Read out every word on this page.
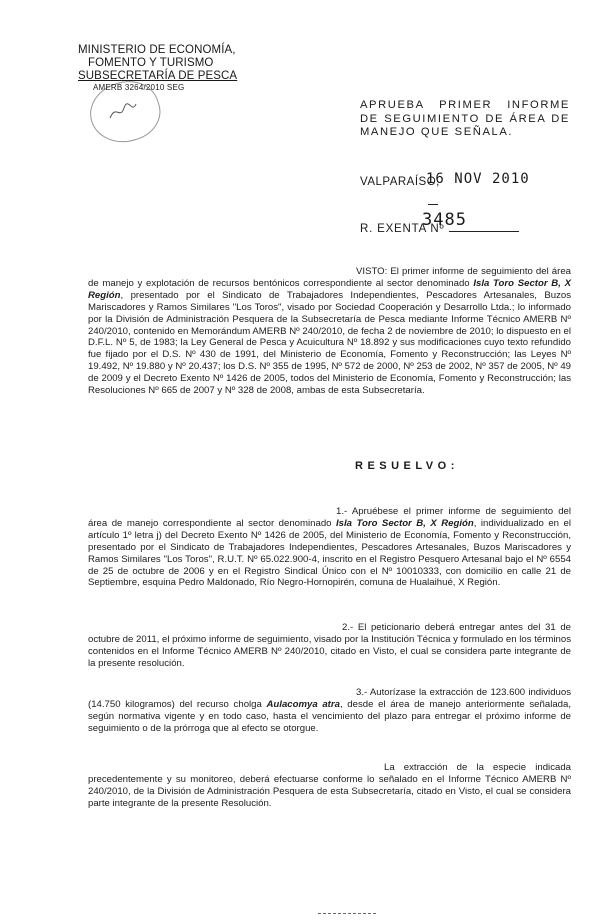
MINISTERIO DE ECONOMÍA,
FOMENTO Y TURISMO
SUBSECRETARÍA DE PESCA
AMERB 3264/2010 SEG
APRUEBA PRIMER INFORME DE SEGUIMIENTO DE ÁREA DE MANEJO QUE SEÑALA.
VALPARAÍSO,
16 NOV 2010
R. EXENTA Nº
3485
VISTO: El primer informe de seguimiento del área de manejo y explotación de recursos bentónicos correspondiente al sector denominado Isla Toro Sector B, X Región, presentado por el Sindicato de Trabajadores Independientes, Pescadores Artesanales, Buzos Mariscadores y Ramos Similares "Los Toros", visado por Sociedad Cooperación y Desarrollo Ltda.; lo informado por la División de Administración Pesquera de la Subsecretaría de Pesca mediante Informe Técnico AMERB Nº 240/2010, contenido en Memorándum AMERB Nº 240/2010, de fecha 2 de noviembre de 2010; lo dispuesto en el D.F.L. Nº 5, de 1983; la Ley General de Pesca y Acuicultura Nº 18.892 y sus modificaciones cuyo texto refundido fue fijado por el D.S. Nº 430 de 1991, del Ministerio de Economía, Fomento y Reconstrucción; las Leyes Nº 19.492, Nº 19.880 y Nº 20.437; los D.S. Nº 355 de 1995, Nº 572 de 2000, Nº 253 de 2002, Nº 357 de 2005, Nº 49 de 2009 y el Decreto Exento Nº 1426 de 2005, todos del Ministerio de Economía, Fomento y Reconstrucción; las Resoluciones Nº 665 de 2007 y Nº 328 de 2008, ambas de esta Subsecretaría.
RESUELVO:
1.- Apruébese el primer informe de seguimiento del área de manejo correspondiente al sector denominado Isla Toro Sector B, X Región, individualizado en el artículo 1º letra j) del Decreto Exento Nº 1426 de 2005, del Ministerio de Economía, Fomento y Reconstrucción, presentado por el Sindicato de Trabajadores Independientes, Pescadores Artesanales, Buzos Mariscadores y Ramos Similares "Los Toros", R.U.T. Nº 65.022.900-4, inscrito en el Registro Pesquero Artesanal bajo el Nº 6554 de 25 de octubre de 2006 y en el Registro Sindical Único con el Nº 10010333, con domicilio en calle 21 de Septiembre, esquina Pedro Maldonado, Río Negro-Hornopirén, comuna de Hualaihué, X Región.
2.- El peticionario deberá entregar antes del 31 de octubre de 2011, el próximo informe de seguimiento, visado por la Institución Técnica y formulado en los términos contenidos en el Informe Técnico AMERB Nº 240/2010, citado en Visto, el cual se considera parte integrante de la presente resolución.
3.- Autorízase la extracción de 123.600 individuos (14.750 kilogramos) del recurso cholga Aulacomya atra, desde el área de manejo anteriormente señalada, según normativa vigente y en todo caso, hasta el vencimiento del plazo para entregar el próximo informe de seguimiento o de la prórroga que al efecto se otorgue.
La extracción de la especie indicada precedentemente y su monitoreo, deberá efectuarse conforme lo señalado en el Informe Técnico AMERB Nº 240/2010, de la División de Administración Pesquera de esta Subsecretaría, citado en Visto, el cual se considera parte integrante de la presente Resolución.
